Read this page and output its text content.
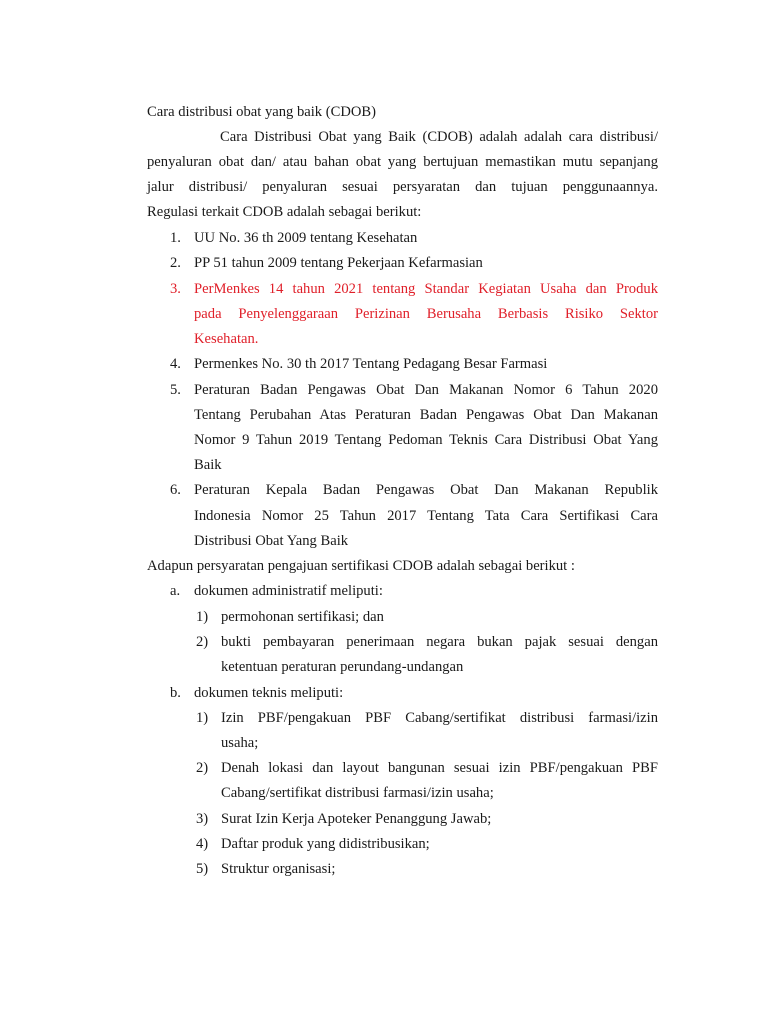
Cara distribusi obat yang baik (CDOB)
Cara Distribusi Obat yang Baik (CDOB) adalah adalah cara distribusi/
penyaluran obat dan/ atau bahan obat yang bertujuan memastikan mutu sepanjang
jalur distribusi/ penyaluran sesuai persyaratan dan tujuan penggunaannya.
Regulasi terkait CDOB adalah sebagai berikut:
1. UU No. 36 th 2009 tentang Kesehatan
2. PP 51 tahun 2009 tentang Pekerjaan Kefarmasian
3. PerMenkes 14 tahun 2021 tentang Standar Kegiatan Usaha dan Produk
pada Penyelenggaraan Perizinan Berusaha Berbasis Risiko Sektor
Kesehatan.
4. Permenkes No. 30 th 2017 Tentang Pedagang Besar Farmasi
5. Peraturan Badan Pengawas Obat Dan Makanan Nomor 6 Tahun 2020
Tentang Perubahan Atas Peraturan Badan Pengawas Obat Dan Makanan
Nomor 9 Tahun 2019 Tentang Pedoman Teknis Cara Distribusi Obat Yang
Baik
6. Peraturan Kepala Badan Pengawas Obat Dan Makanan Republik
Indonesia Nomor 25 Tahun 2017 Tentang Tata Cara Sertifikasi Cara
Distribusi Obat Yang Baik
Adapun persyaratan pengajuan sertifikasi CDOB adalah sebagai berikut :
a. dokumen administratif meliputi:
1) permohonan sertifikasi; dan
2) bukti pembayaran penerimaan negara bukan pajak sesuai dengan
ketentuan peraturan perundang-undangan
b. dokumen teknis meliputi:
1) Izin PBF/pengakuan PBF Cabang/sertifikat distribusi farmasi/izin
usaha;
2) Denah lokasi dan layout bangunan sesuai izin PBF/pengakuan PBF
Cabang/sertifikat distribusi farmasi/izin usaha;
3) Surat Izin Kerja Apoteker Penanggung Jawab;
4) Daftar produk yang didistribusikan;
5) Struktur organisasi;
